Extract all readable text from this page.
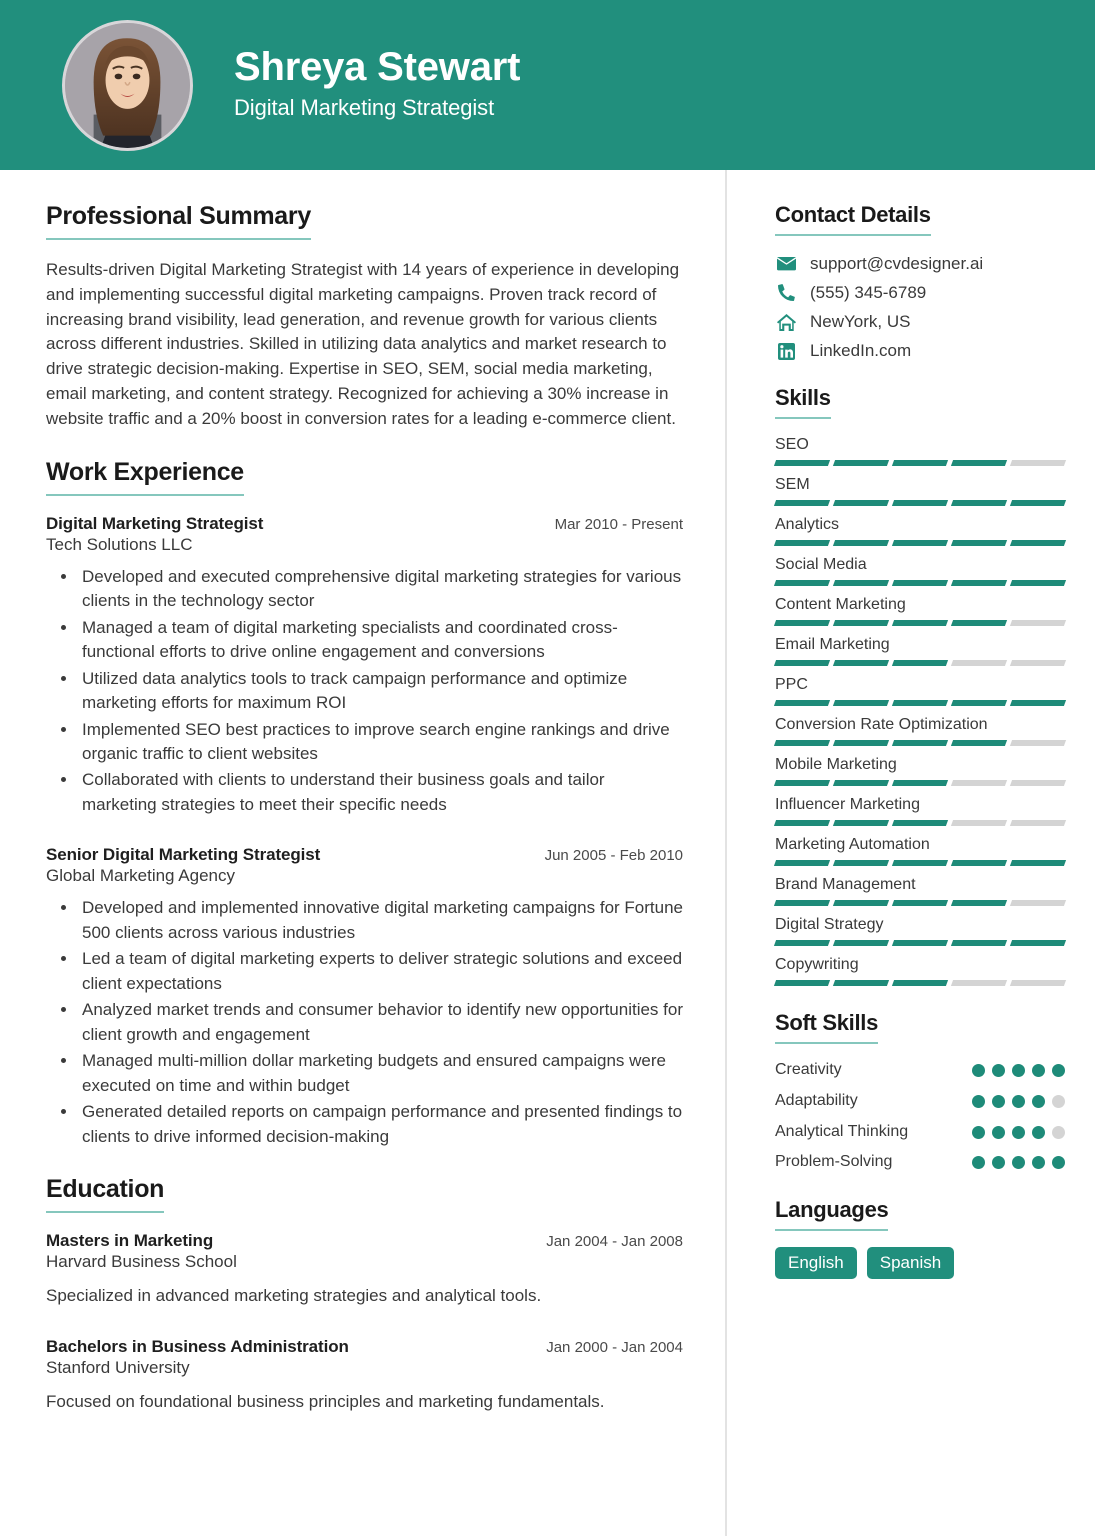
Shreya Stewart
Digital Marketing Strategist
Professional Summary
Results-driven Digital Marketing Strategist with 14 years of experience in developing and implementing successful digital marketing campaigns. Proven track record of increasing brand visibility, lead generation, and revenue growth for various clients across different industries. Skilled in utilizing data analytics and market research to drive strategic decision-making. Expertise in SEO, SEM, social media marketing, email marketing, and content strategy. Recognized for achieving a 30% increase in website traffic and a 20% boost in conversion rates for a leading e-commerce client.
Work Experience
Digital Marketing Strategist	Mar 2010 - Present
Tech Solutions LLC
• Developed and executed comprehensive digital marketing strategies for various clients in the technology sector
• Managed a team of digital marketing specialists and coordinated cross-functional efforts to drive online engagement and conversions
• Utilized data analytics tools to track campaign performance and optimize marketing efforts for maximum ROI
• Implemented SEO best practices to improve search engine rankings and drive organic traffic to client websites
• Collaborated with clients to understand their business goals and tailor marketing strategies to meet their specific needs
Senior Digital Marketing Strategist	Jun 2005 - Feb 2010
Global Marketing Agency
• Developed and implemented innovative digital marketing campaigns for Fortune 500 clients across various industries
• Led a team of digital marketing experts to deliver strategic solutions and exceed client expectations
• Analyzed market trends and consumer behavior to identify new opportunities for client growth and engagement
• Managed multi-million dollar marketing budgets and ensured campaigns were executed on time and within budget
• Generated detailed reports on campaign performance and presented findings to clients to drive informed decision-making
Education
Masters in Marketing	Jan 2004 - Jan 2008
Harvard Business School
Specialized in advanced marketing strategies and analytical tools.
Bachelors in Business Administration	Jan 2000 - Jan 2004
Stanford University
Focused on foundational business principles and marketing fundamentals.
Contact Details
support@cvdesigner.ai
(555) 345-6789
NewYork, US
LinkedIn.com
Skills
SEO
SEM
Analytics
Social Media
Content Marketing
Email Marketing
PPC
Conversion Rate Optimization
Mobile Marketing
Influencer Marketing
Marketing Automation
Brand Management
Digital Strategy
Copywriting
Soft Skills
Creativity
Adaptability
Analytical Thinking
Problem-Solving
Languages
English	Spanish
